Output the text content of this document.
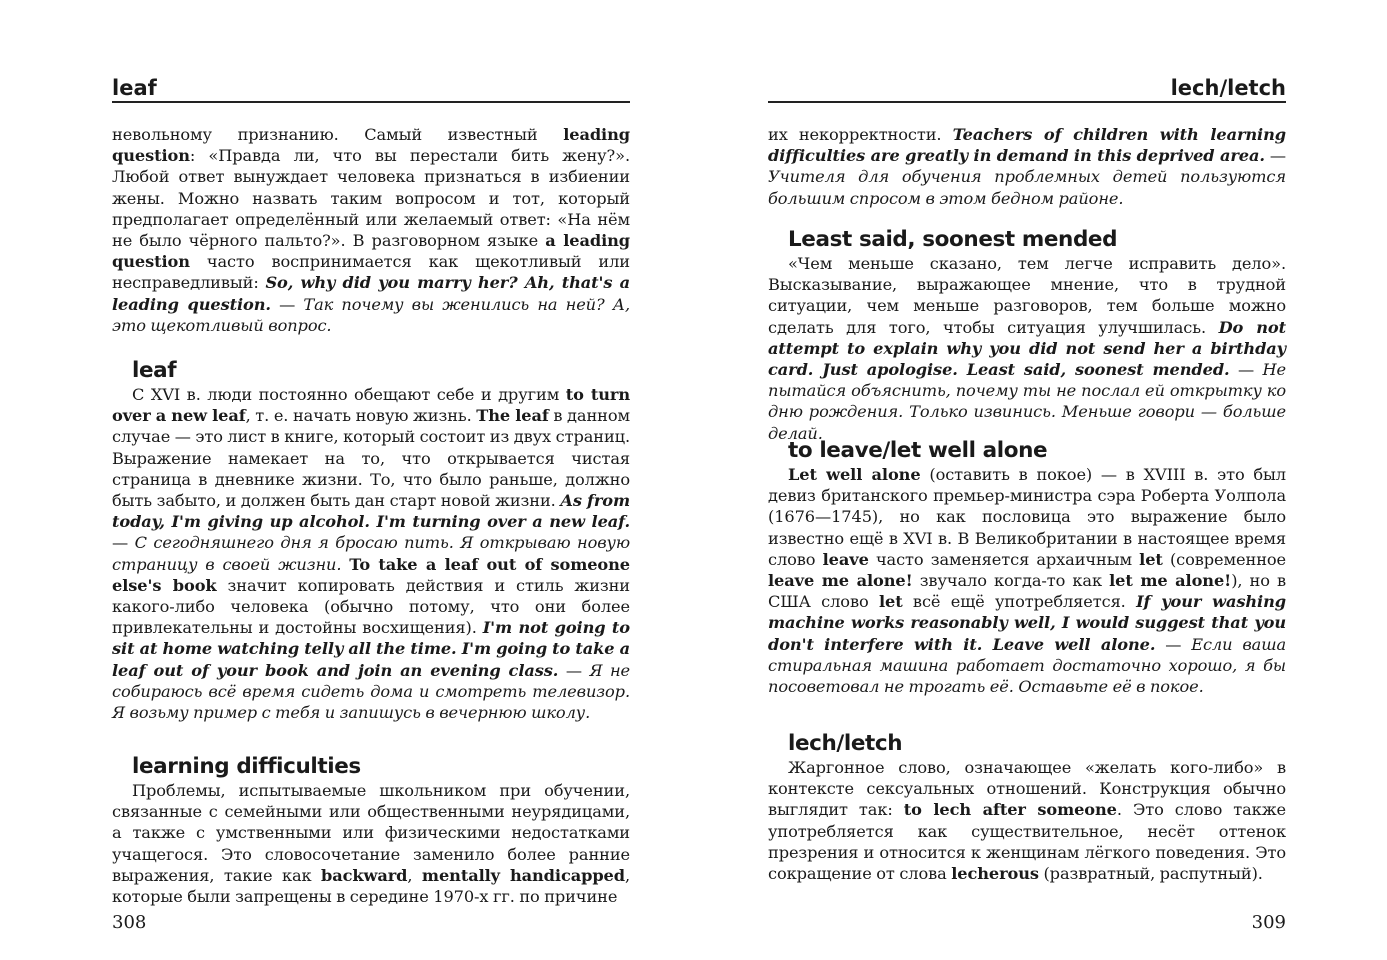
leaf

невольному признанию. Самый известный leading question: «Правда ли, что вы перестали бить жену?». Любой ответ вынуждает человека признаться в избиении жены. Можно назвать таким вопросом и тот, который предполагает определённый или желаемый ответ: «На нём не было чёрного пальто?». В разговорном языке a leading question часто воспринимается как щекотливый или несправедливый: So, why did you marry her? Ah, that's a leading question. — Так почему вы женились на ней? А, это щекотливый вопрос.

leaf

С XVI в. люди постоянно обещают себе и другим to turn over a new leaf, т. е. начать новую жизнь. The leaf в данном случае — это лист в книге, который состоит из двух страниц. Выражение намекает на то, что открывается чистая страница в дневнике жизни. То, что было раньше, должно быть забыто, и должен быть дан старт новой жизни. As from today, I'm giving up alcohol. I'm turning over a new leaf. — С сегодняшнего дня я бросаю пить. Я открываю новую страницу в своей жизни. To take a leaf out of someone else's book значит копировать действия и стиль жизни какого-либо человека (обычно потому, что они более привлекательны и достойны восхищения). I'm not going to sit at home watching telly all the time. I'm going to take a leaf out of your book and join an evening class. — Я не собираюсь всё время сидеть дома и смотреть телевизор. Я возьму пример с тебя и запишусь в вечернюю школу.

learning difficulties

Проблемы, испытываемые школьником при обучении, связанные с семейными или общественными неурядицами, а также с умственными или физическими недостатками учащегося. Это словосочетание заменило более ранние выражения, такие как backward, mentally handicapped, которые были запрещены в середине 1970-х гг. по причине

308
lech/letch

их некорректности. Teachers of children with learning difficulties are greatly in demand in this deprived area. — Учителя для обучения проблемных детей пользуются большим спросом в этом бедном районе.

Least said, soonest mended

«Чем меньше сказано, тем легче исправить дело». Высказывание, выражающее мнение, что в трудной ситуации, чем меньше разговоров, тем больше можно сделать для того, чтобы ситуация улучшилась. Do not attempt to explain why you did not send her a birthday card. Just apologise. Least said, soonest mended. — Не пытайся объяснить, почему ты не послал ей открытку ко дню рождения. Только извинись. Меньше говори — больше делай.

to leave/let well alone

Let well alone (оставить в покое) — в XVIII в. это был девиз британского премьер-министра сэра Роберта Уолпола (1676—1745), но как пословица это выражение было известно ещё в XVI в. В Великобритании в настоящее время слово leave часто заменяется архаичным let (современное leave me alone! звучало когда-то как let me alone!), но в США слово let всё ещё употребляется. If your washing machine works reasonably well, I would suggest that you don't interfere with it. Leave well alone. — Если ваша стиральная машина работает достаточно хорошо, я бы посоветовал не трогать её. Оставьте её в покое.

lech/letch

Жаргонное слово, означающее «желать кого-либо» в контексте сексуальных отношений. Конструкция обычно выглядит так: to lech after someone. Это слово также употребляется как существительное, несёт оттенок презрения и относится к женщинам лёгкого поведения. Это сокращение от слова lecherous (развратный, распутный).

309
